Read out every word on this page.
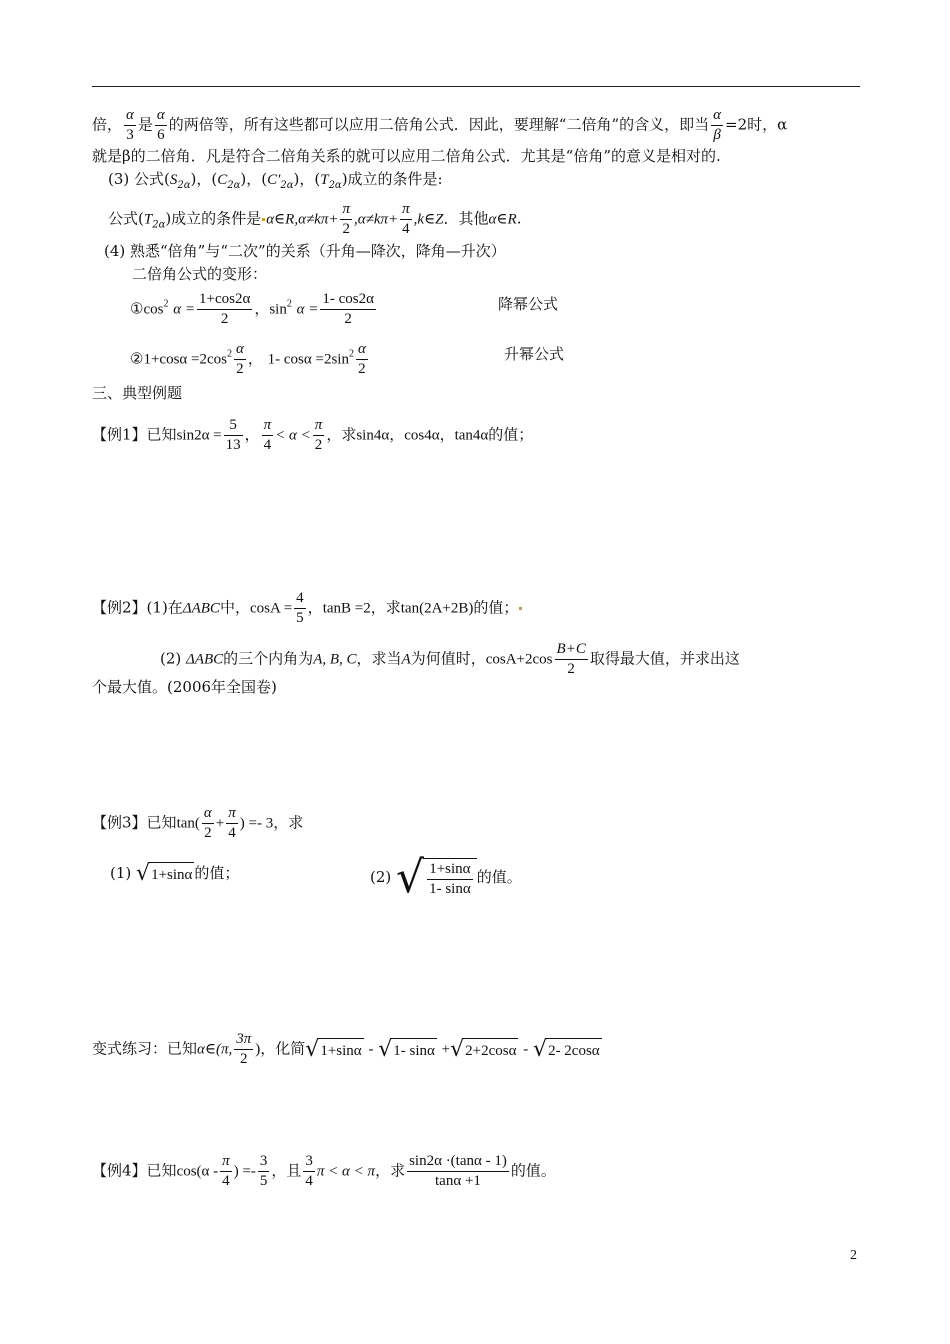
倍， $\frac{\alpha}{3}$ 是 $\frac{\alpha}{6}$ 的两倍等，所有这些都可以应用二倍角公式．因此，要理解“二倍角”的含义，即当 $\frac{\alpha}{\beta} =2$时，α
就是β的二倍角．凡是符合二倍角关系的就可以应用二倍角公式．尤其是“倍角”的意义是相对的.
(3) 公式$(S_{2\alpha})$，$(C_{2\alpha})$，$(C'_{2\alpha})$，$(T_{2\alpha})$成立的条件是:
公式$(T_{2\alpha})$成立的条件是 α∈R,α≠kπ+ $\frac{\pi}{2} ,\alpha\ne k\pi+ \frac{\pi}{4}$ ,k∈Z．其他α∈R.
(4) 熟悉“倍角”与“二次”的关系（升角—降次，降角—升次）
二倍角公式的变形：
$①\cos^2$ $\alpha = \frac{1+\cos 2\alpha}{2}$ ，$\sin^2 \alpha = \frac{1- \cos 2\alpha}{2}$	降幂公式
②1+cosα $=2\cos^2 \frac{\alpha}{2}$ ， 1- $\cos\alpha =2\sin^2 \frac{\alpha}{2}$	升幂公式
三、典型例题
【例1】已知$\sin 2\alpha = \frac{5}{13}$ ， $\frac{\pi}{4} < \alpha < \frac{\pi}{2}$ ，求sin4α，cos4α，tan4α的值；
【例2】(1)在ΔABC中，$\cos A = \frac{4}{5}$ ，tanB =2，求tan(2A+2B)的值；
(2) ΔABC的三个内角为A, B, C，求当A为何值时，$\cos A+2\cos \frac{B+C}{2}$ 取得最大值，并求出这
个最大值。(2006年全国卷)
【例3】已知$\tan( \frac{\alpha}{2} + \frac{\pi}{4}$ ) =- 3，求
(1) √1+sinα 的值；	(2) √ $\frac{1+\sin\alpha}{1- \sin\alpha}$ 的值。
变式练习：已知α∈(π, $\frac{3\pi}{2}$ )，化简√1+sinα - √1- sinα +√2+2cosα - √2- 2cosα
【例4】已知$\cos(\alpha - \frac{\pi}{4}$ ) =- $\frac{3}{5}$ ，且 $\frac{3}{4}$ π < α < π，求 $\frac{\sin 2\alpha \cdot(\tan\alpha - 1)}{\tan\alpha +1}$ 的值。
2
